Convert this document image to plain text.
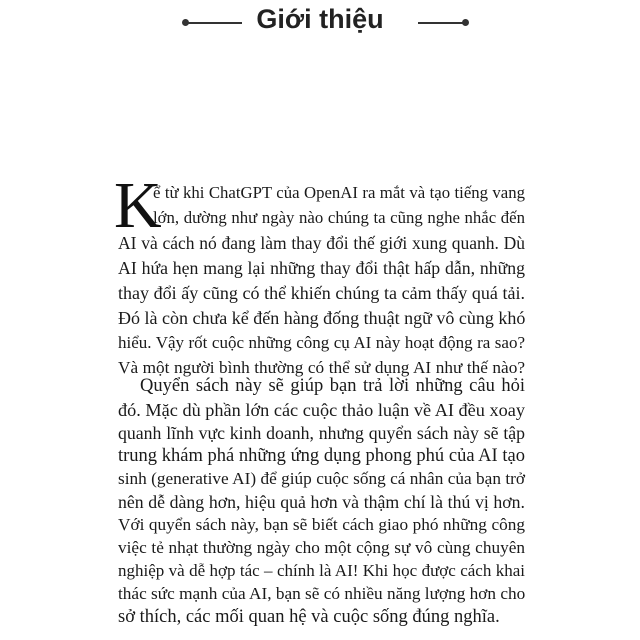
Giới thiệu
K
ể từ khi ChatGPT của OpenAI ra mắt và tạo tiếng vang
lớn, dường như ngày nào chúng ta cũng nghe nhắc đến
AI và cách nó đang làm thay đổi thế giới xung quanh. Dù
AI hứa hẹn mang lại những thay đổi thật hấp dẫn, những
thay đổi ấy cũng có thể khiến chúng ta cảm thấy quá tải.
Đó là còn chưa kể đến hàng đống thuật ngữ vô cùng khó
hiểu. Vậy rốt cuộc những công cụ AI này hoạt động ra sao?
Và một người bình thường có thể sử dụng AI như thế nào?
Quyển sách này sẽ giúp bạn trả lời những câu hỏi
đó. Mặc dù phần lớn các cuộc thảo luận về AI đều xoay
quanh lĩnh vực kinh doanh, nhưng quyển sách này sẽ tập
trung khám phá những ứng dụng phong phú của AI tạo
sinh (generative AI) để giúp cuộc sống cá nhân của bạn trở
nên dễ dàng hơn, hiệu quả hơn và thậm chí là thú vị hơn.
Với quyển sách này, bạn sẽ biết cách giao phó những công
việc tẻ nhạt thường ngày cho một cộng sự vô cùng chuyên
nghiệp và dễ hợp tác – chính là AI! Khi học được cách khai
thác sức mạnh của AI, bạn sẽ có nhiều năng lượng hơn cho
sở thích, các mối quan hệ và cuộc sống đúng nghĩa.
